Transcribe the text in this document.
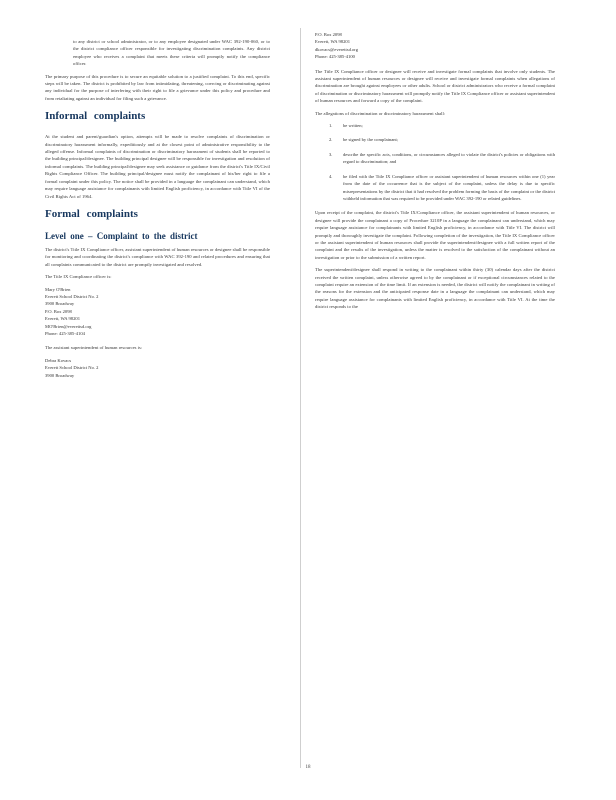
to any district or school administrator, or to any employee designated under WAC 392-190-060, or to the district compliance officer responsible for investigating discrimination complaints. Any district employee who receives a complaint that meets these criteria will promptly notify the compliance officer.

The primary purpose of this procedure is to secure an equitable solution to a justified complaint. To this end, specific steps will be taken. The district is prohibited by law from intimidating, threatening, coercing or discriminating against any individual for the purpose of interfering with their right to file a grievance under this policy and procedure and from retaliating against an individual for filing such a grievance.

Informal complaints

At the student and parent/guardian's option, attempts will be made to resolve complaints of discrimination or discriminatory harassment informally, expeditiously and at the closest point of administrative responsibility to the alleged offense. Informal complaints of discrimination or discriminatory harassment of students shall be reported to the building principal/designee. The building principal designee will be responsible for investigation and resolution of informal complaints. The building principal/designee may seek assistance or guidance from the district's Title IX/Civil Rights Compliance Officer. The building principal/designee must notify the complainant of his/her right to file a formal complaint under this policy. The notice shall be provided in a language the complainant can understand, which may require language assistance for complainants with limited English proficiency, in accordance with Title VI of the Civil Rights Act of 1964.

Formal complaints
Level one – Complaint to the district

The district's Title IX Compliance officer, assistant superintendent of human resources or designee shall be responsible for monitoring and coordinating the district's compliance with WAC 392-190 and related procedures and ensuring that all complaints communicated to the district are promptly investigated and resolved.

The Title IX Compliance officer is:

Mary O'Brien
Everett School District No. 2
3900 Broadway
P.O. Box 2098
Everett, WA 98201
MO'Brien@everettsd.org
Phone: 425-385-4104

The assistant superintendent of human resources is:

Debra Kovacs
Everett School District No. 2
3900 Broadway
P.O. Box 2098
Everett, WA 98201
dkovacs@everettsd.org
Phone: 425-385-4100

The Title IX Compliance officer or designee will receive and investigate formal complaints that involve only students. The assistant superintendent of human resources or designee will receive and investigate formal complaints when allegations of discrimination are brought against employees or other adults. School or district administrators who receive a formal complaint of discrimination or discriminatory harassment will promptly notify the Title IX Compliance officer or assistant superintendent of human resources and forward a copy of the complaint.

The allegations of discrimination or discriminatory harassment shall:

1. be written;
2. be signed by the complainant;
3. describe the specific acts, conditions, or circumstances alleged to violate the district's policies or obligations with regard to discrimination; and
4. be filed with the Title IX Compliance officer or assistant superintendent of human resources within one (1) year from the date of the occurrence that is the subject of the complaint, unless the delay is due to specific misrepresentations by the district that it had resolved the problem forming the basis of the complaint or the district withheld information that was required to be provided under WAC 392-190 or related guidelines.

Upon receipt of the complaint, the district's Title IX/Compliance officer, the assistant superintendent of human resources, or designee will provide the complainant a copy of Procedure 3210P in a language the complainant can understand, which may require language assistance for complainants with limited English proficiency, in accordance with Title VI. The district will promptly and thoroughly investigate the complaint. Following completion of the investigation, the Title IX Compliance officer or the assistant superintendent of human resources shall provide the superintendent/designee with a full written report of the complaint and the results of the investigation, unless the matter is resolved to the satisfaction of the complainant without an investigation or prior to the submission of a written report.

The superintendent/designee shall respond in writing to the complainant within thirty (30) calendar days after the district received the written complaint, unless otherwise agreed to by the complainant or if exceptional circumstances related to the complaint require an extension of the time limit. If an extension is needed, the district will notify the complainant in writing of the reasons for the extension and the anticipated response date in a language the complainant can understand, which may require language assistance for complainants with limited English proficiency, in accordance with Title VI. At the time the district responds to the

18
